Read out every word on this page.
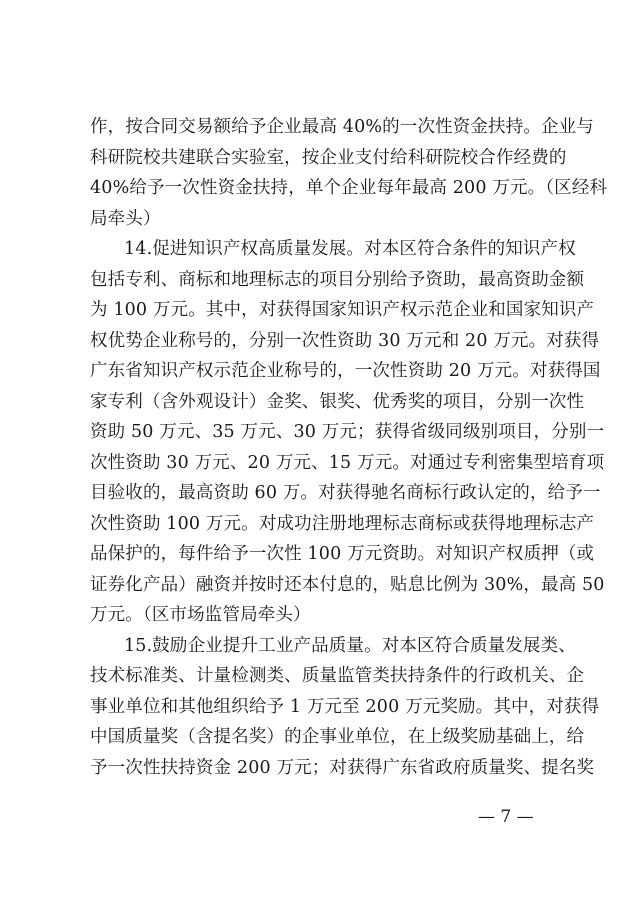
作，按合同交易额给予企业最高 40%的一次性资金扶持。企业与
科研院校共建联合实验室，按企业支付给科研院校合作经费的
40%给予一次性资金扶持，单个企业每年最高 200 万元。（区经科
局牵头）
14.促进知识产权高质量发展。对本区符合条件的知识产权
包括专利、商标和地理标志的项目分别给予资助，最高资助金额
为 100 万元。其中，对获得国家知识产权示范企业和国家知识产
权优势企业称号的，分别一次性资助 30 万元和 20 万元。对获得
广东省知识产权示范企业称号的，一次性资助 20 万元。对获得国
家专利（含外观设计）金奖、银奖、优秀奖的项目，分别一次性
资助 50 万元、35 万元、30 万元；获得省级同级别项目，分别一
次性资助 30 万元、20 万元、15 万元。对通过专利密集型培育项
目验收的，最高资助 60 万。对获得驰名商标行政认定的，给予一
次性资助 100 万元。对成功注册地理标志商标或获得地理标志产
品保护的，每件给予一次性 100 万元资助。对知识产权质押（或
证券化产品）融资并按时还本付息的，贴息比例为 30%，最高 50
万元。（区市场监管局牵头）
15.鼓励企业提升工业产品质量。对本区符合质量发展类、
技术标准类、计量检测类、质量监管类扶持条件的行政机关、企
事业单位和其他组织给予 1 万元至 200 万元奖励。其中，对获得
中国质量奖（含提名奖）的企事业单位，在上级奖励基础上，给
予一次性扶持资金 200 万元；对获得广东省政府质量奖、提名奖
— 7 —
